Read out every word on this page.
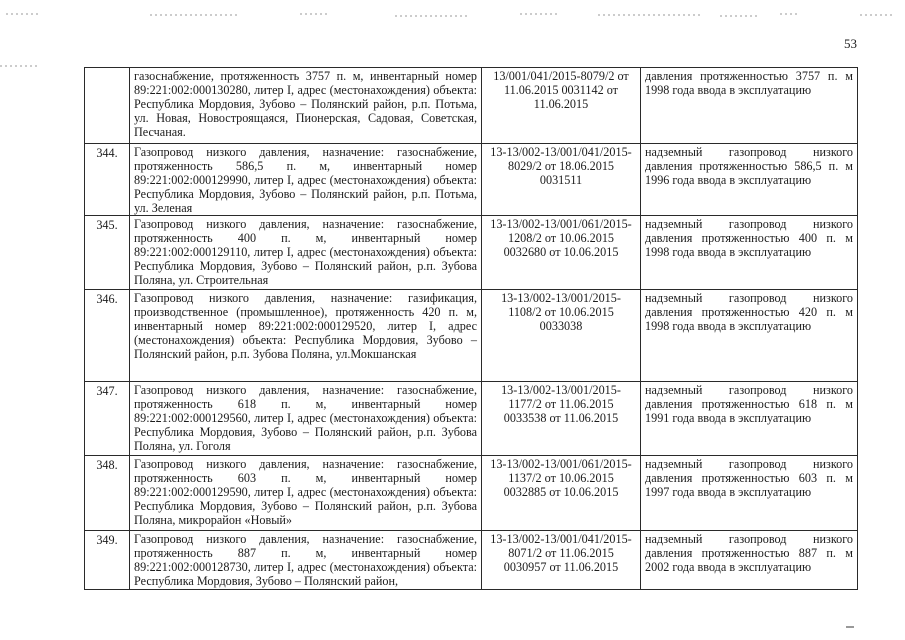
53
	газоснабжение, протяженность 3757 п. м, инвентарный номер 89:221:002:000130280, литер I, адрес (местонахождения) объекта: Республика Мордовия, Зубово – Полянский район, р.п. Потьма, ул. Новая, Новостроящаяся, Пионерская, Садовая, Советская, Песчаная.	13/001/041/2015-8079/2 от 11.06.2015 0031142 от 11.06.2015	давления протяженностью 3757 п. м 1998 года ввода в эксплуатацию
344.	Газопровод низкого давления, назначение: газоснабжение, протяженность 586,5 п. м, инвентарный номер 89:221:002:000129990, литер I, адрес (местонахождения) объекта: Республика Мордовия, Зубово – Полянский район, р.п. Потьма, ул. Зеленая	13-13/002-13/001/041/2015-8029/2 от 18.06.2015 0031511	надземный газопровод низкого давления протяженностью 586,5 п. м 1996 года ввода в эксплуатацию
345.	Газопровод низкого давления, назначение: газоснабжение, протяженность 400 п. м, инвентарный номер 89:221:002:000129110, литер I, адрес (местонахождения) объекта: Республика Мордовия, Зубово – Полянский район, р.п. Зубова Поляна, ул. Строительная	13-13/002-13/001/061/2015-1208/2 от 10.06.2015 0032680 от 10.06.2015	надземный газопровод низкого давления протяженностью 400 п. м 1998 года ввода в эксплуатацию
346.	Газопровод низкого давления, назначение: газификация, производственное (промышленное), протяженность 420 п. м, инвентарный номер 89:221:002:000129520, литер I, адрес (местонахождения) объекта: Республика Мордовия, Зубово – Полянский район, р.п. Зубова Поляна, ул.Мокшанская	13-13/002-13/001/2015-1108/2 от 10.06.2015 0033038	надземный газопровод низкого давления протяженностью 420 п. м 1998 года ввода в эксплуатацию
347.	Газопровод низкого давления, назначение: газоснабжение, протяженность 618 п. м, инвентарный номер 89:221:002:000129560, литер I, адрес (местонахождения) объекта: Республика Мордовия, Зубово – Полянский район, р.п. Зубова Поляна, ул. Гоголя	13-13/002-13/001/2015-1177/2 от 11.06.2015 0033538 от 11.06.2015	надземный газопровод низкого давления протяженностью 618 п. м 1991 года ввода в эксплуатацию
348.	Газопровод низкого давления, назначение: газоснабжение, протяженность 603 п. м, инвентарный номер 89:221:002:000129590, литер I, адрес (местонахождения) объекта: Республика Мордовия, Зубово – Полянский район, р.п. Зубова Поляна, микрорайон «Новый»	13-13/002-13/001/061/2015-1137/2 от 10.06.2015 0032885 от 10.06.2015	надземный газопровод низкого давления протяженностью 603 п. м 1997 года ввода в эксплуатацию
349.	Газопровод низкого давления, назначение: газоснабжение, протяженность 887 п. м, инвентарный номер 89:221:002:000128730, литер I, адрес (местонахождения) объекта: Республика Мордовия, Зубово – Полянский район,	13-13/002-13/001/041/2015-8071/2 от 11.06.2015 0030957 от 11.06.2015	надземный газопровод низкого давления протяженностью 887 п. м 2002 года ввода в эксплуатацию
